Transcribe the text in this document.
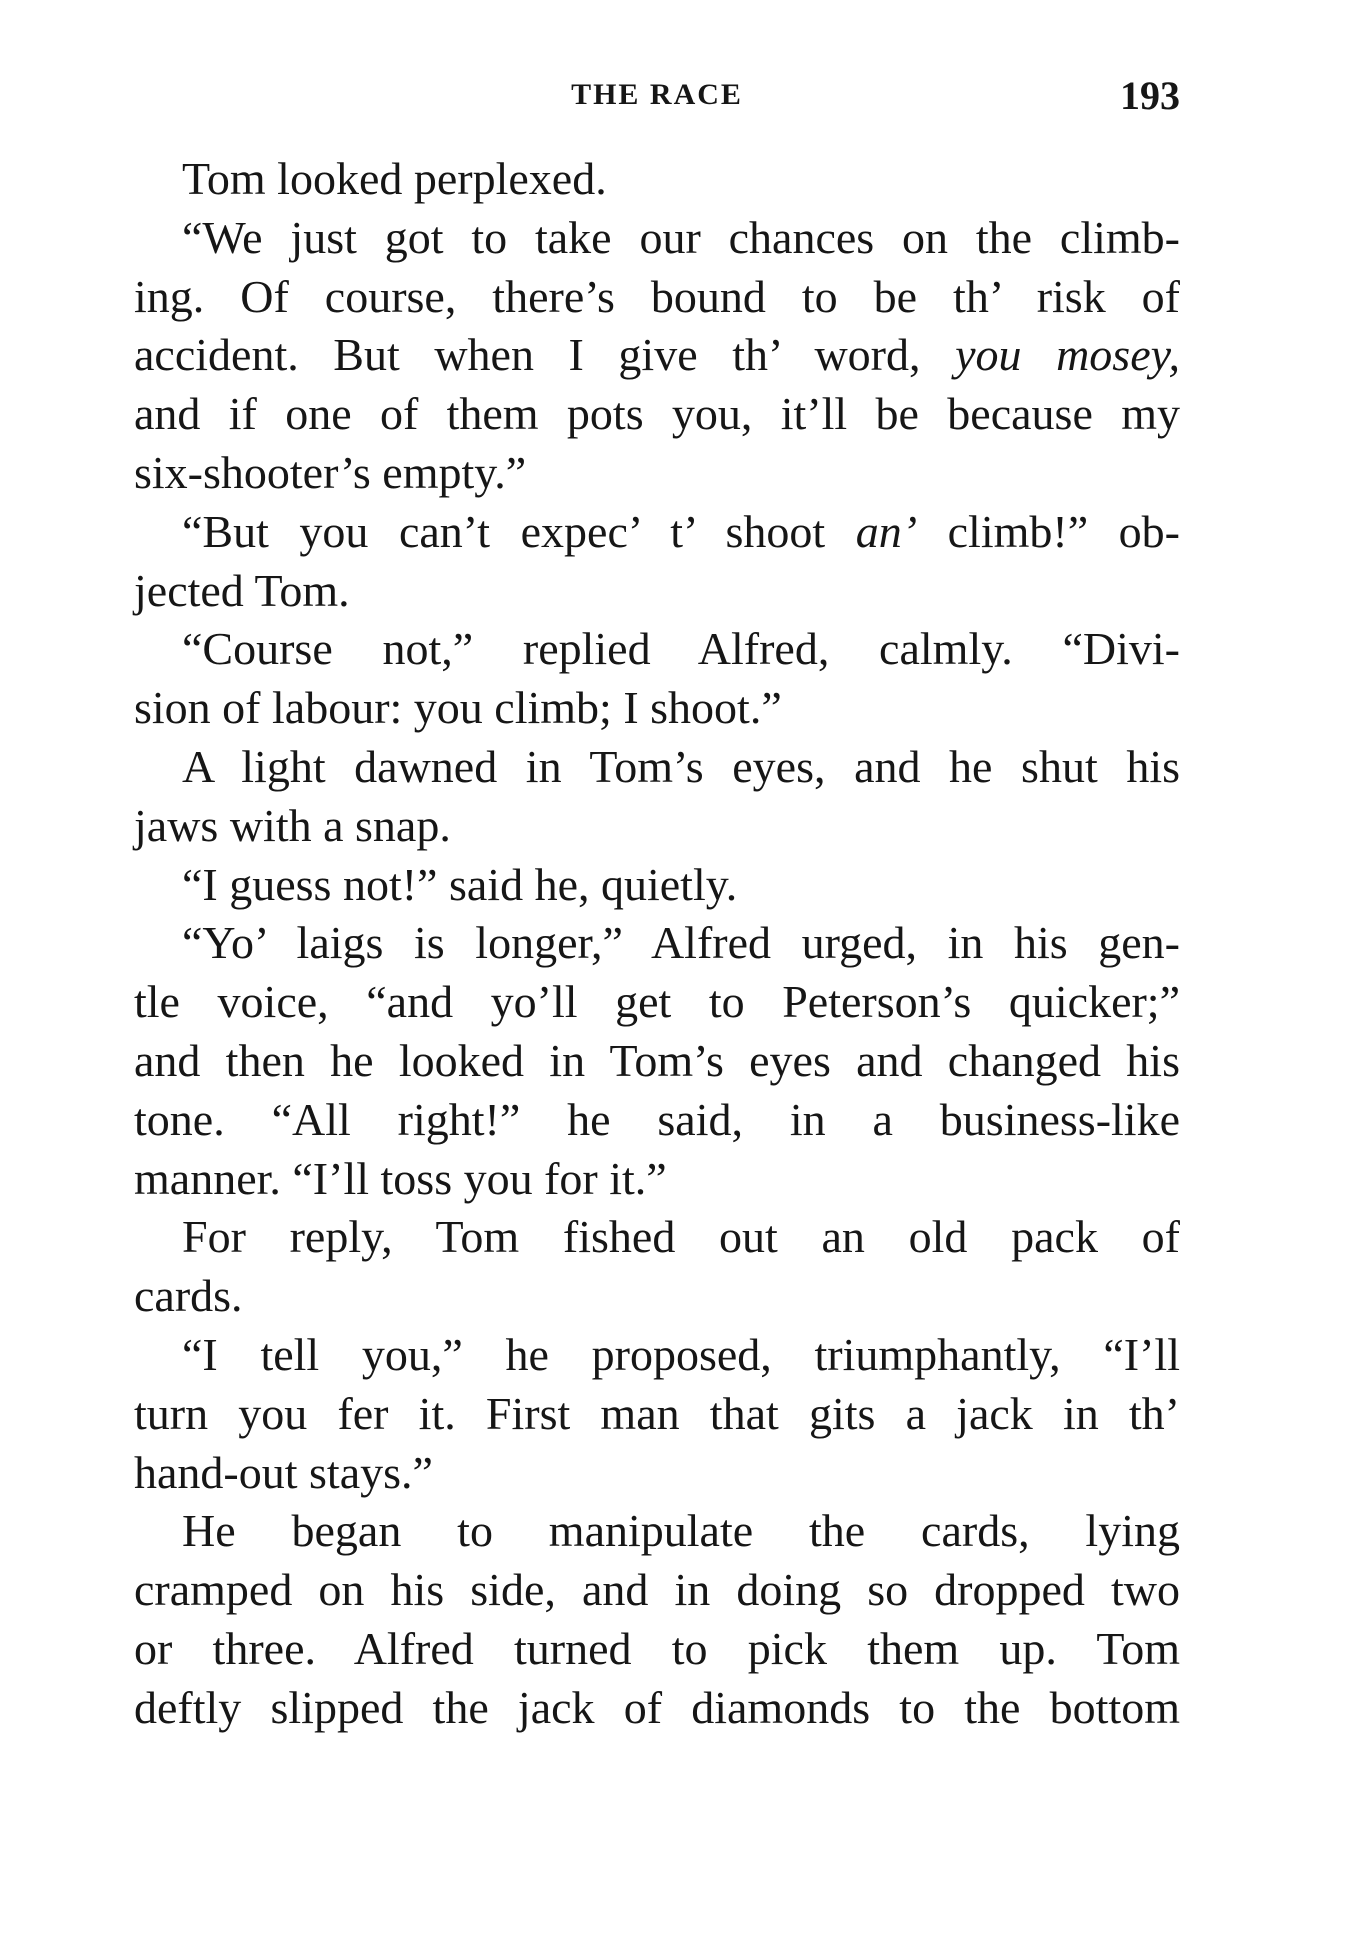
THE RACE	193
Tom looked perplexed.
“We just got to take our chances on the climb-
ing. Of course, there’s bound to be th’ risk of
accident. But when I give th’ word, you mosey,
and if one of them pots you, it’ll be because my
six-shooter’s empty.”
“But you can’t expec’ t’ shoot an’ climb!” ob-
jected Tom.
“Course not,” replied Alfred, calmly. “Divi-
sion of labour: you climb; I shoot.”
A light dawned in Tom’s eyes, and he shut his
jaws with a snap.
“I guess not!” said he, quietly.
“Yo’ laigs is longer,” Alfred urged, in his gen-
tle voice, “and yo’ll get to Peterson’s quicker;”
and then he looked in Tom’s eyes and changed his
tone. “All right!” he said, in a business-like
manner. “I’ll toss you for it.”
For reply, Tom fished out an old pack of
cards.
“I tell you,” he proposed, triumphantly, “I’ll
turn you fer it. First man that gits a jack in th’
hand-out stays.”
He began to manipulate the cards, lying
cramped on his side, and in doing so dropped two
or three. Alfred turned to pick them up. Tom
deftly slipped the jack of diamonds to the bottom
